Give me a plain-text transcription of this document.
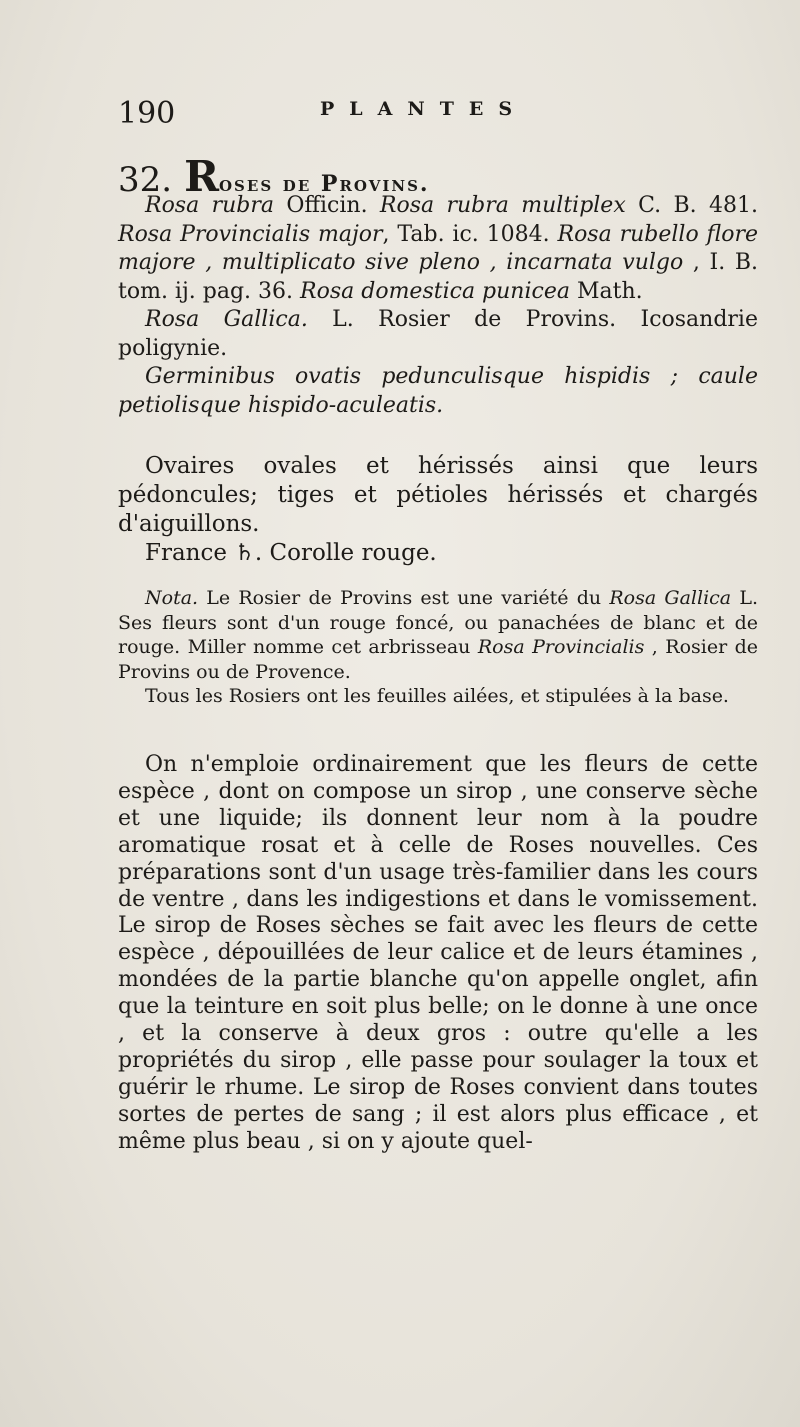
190	PLANTES
32. Roses de Provins.

Rosa rubra Officin. Rosa rubra multiplex C. B. 481. Rosa Provincialis major, Tab. ic. 1084. Rosa rubello flore majore , multiplicato sive pleno , incarnata vulgo , I. B. tom. ij. pag. 36. Rosa domestica punicea Math.

Rosa Gallica. L. Rosier de Provins. Icosandrie poligynie.

Germinibus ovatis pedunculisque hispidis ; caule petiolisque hispido-aculeatis.

Ovaires ovales et hérissés ainsi que leurs pédoncules; tiges et pétioles hérissés et chargés d'aiguillons.

France ♄. Corolle rouge.

Nota. Le Rosier de Provins est une variété du Rosa Gallica L. Ses fleurs sont d'un rouge foncé, ou panachées de blanc et de rouge. Miller nomme cet arbrisseau Rosa Provincialis , Rosier de Provins ou de Provence.

Tous les Rosiers ont les feuilles ailées, et stipulées à la base.

On n'emploie ordinairement que les fleurs de cette espèce , dont on compose un sirop , une conserve sèche et une liquide; ils donnent leur nom à la poudre aromatique rosat et à celle de Roses nouvelles. Ces préparations sont d'un usage très-familier dans les cours de ventre , dans les indigestions et dans le vomissement. Le sirop de Roses sèches se fait avec les fleurs de cette espèce , dépouillées de leur calice et de leurs étamines , mondées de la partie blanche qu'on appelle onglet, afin que la teinture en soit plus belle; on le donne à une once , et la conserve à deux gros : outre qu'elle a les propriétés du sirop , elle passe pour soulager la toux et guérir le rhume. Le sirop de Roses convient dans toutes sortes de pertes de sang ; il est alors plus efficace , et même plus beau , si on y ajoute quel-
